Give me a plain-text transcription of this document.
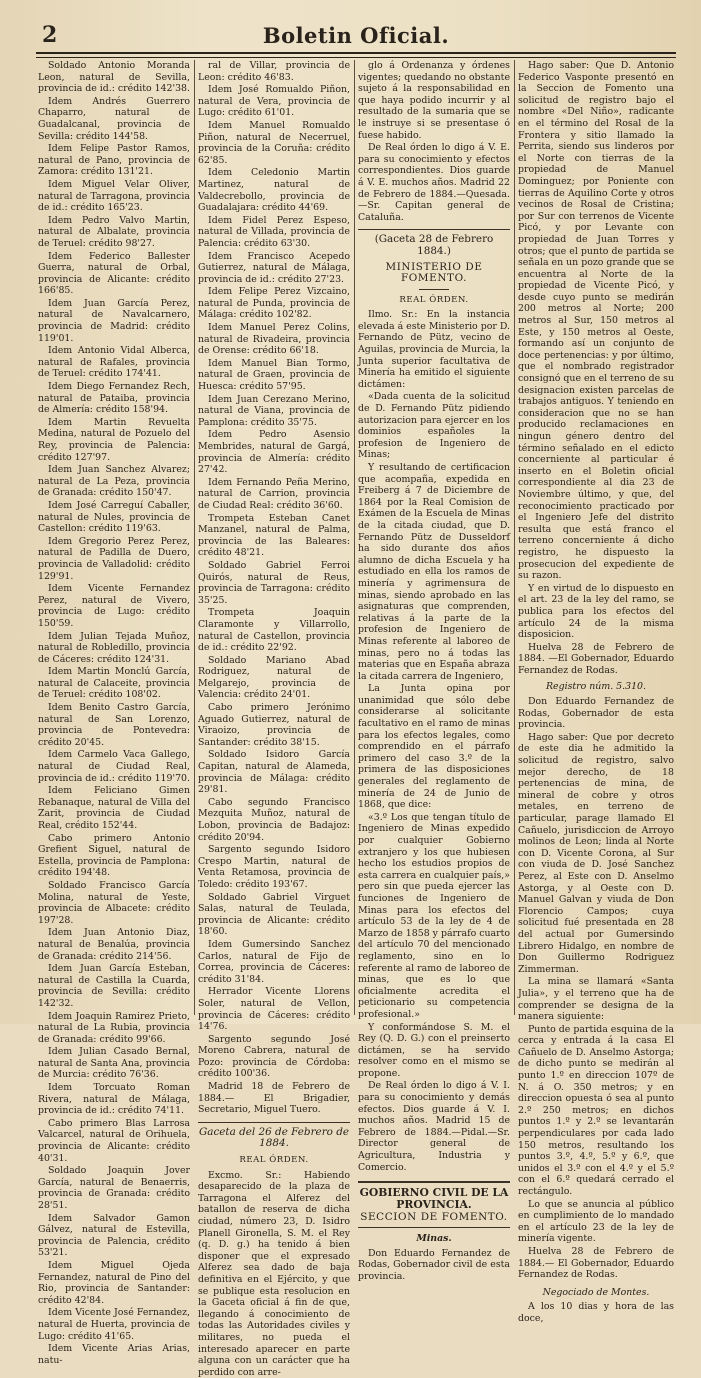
2	Boletin Oficial.

Soldado Antonio Moranda Leon, natural de Sevilla, provincia de id.: crédito 142'38.

Idem Andrés Guerrero Chaparro, natural de Guadalcanal, provincia de Sevilla: crédito 144'58.

Idem Felipe Pastor Ramos, natural de Pano, provincia de Zamora: crédito 131'21.

Idem Miguel Velar Oliver, natural de Tarragona, provincia de id.: crédito 165'23.

Idem Pedro Valvo Martin, natural de Albalate, provincia de Teruel: crédito 98'27.

Idem Federico Ballester Guerra, natural de Orbal, provincia de Alicante: crédito 166'85.

Idem Juan García Perez, natural de Navalcarnero, provincia de Madrid: crédito 119'01.

Idem Antonio Vidal Alberca, natural de Rafales, provincia de Teruel: crédito 174'41.

Idem Diego Fernandez Rech, natural de Pataiba, provincia de Almería: crédito 158'94.

Idem Martin Revuelta Medina, natural de Pozuelo del Rey, provincia de Palencia: crédito 127'97.

Idem Juan Sanchez Alvarez; natural de La Peza, provincia de Granada: crédito 150'47.

Idem José Carreguí Caballer, natural de Nules, provincia de Castellon: crédito 119'63.

Idem Gregorio Perez Perez, natural de Padilla de Duero, provincia de Valladolid: crédito 129'91.

Idem Vicente Fernandez Perez, natural de Vivero, provincia de Lugo: crédito 150'59.

Idem Julian Tejada Muñoz, natural de Robledillo, provincia de Cáceres: crédito 124'31.

Idem Martin Monclú García, natural de Calaceite, provincia de Teruel: crédito 108'02.

Idem Benito Castro García, natural de San Lorenzo, provincia de Pontevedra: crédito 20'45.

Idem Carmelo Vaca Gallego, natural de Ciudad Real, provincia de id.: crédito 119'70.

Idem Feliciano Gimen Rebanaque, natural de Villa del Zarit, provincia de Ciudad Real, crédito 152'44.

Cabo primero Antonio Grefient Siguel, natural de Estella, provincia de Pamplona: crédito 194'48.

Soldado Francisco García Molina, natural de Yeste, provincia de Albacete: crédito 197'28.

Idem Juan Antonio Diaz, natural de Benalúa, provincia de Granada: crédito 214'56.

Idem Juan García Esteban, natural de Castilla la Cuarda, provincia de Sevilla: crédito 142'32.

Idem Joaquin Ramirez Prieto, natural de La Rubia, provincia de Granada: crédito 99'66.

Idem Julian Casado Bernal, natural de Santa Ana, provincia de Murcia: crédito 76'36.

Idem Torcuato Roman Rivera, natural de Málaga, provincia de id.: crédito 74'11.

Cabo primero Blas Larrosa Valcarcel, natural de Orihuela, provincia de Alicante: crédito 40'31.

Soldado Joaquin Jover García, natural de Benaerris, provincia de Granada: crédito 28'51.

Idem Salvador Gamon Gálvez, natural de Estevilla, provincia de Palencia, crédito 53'21.

Idem Miguel Ojeda Fernandez, natural de Pino del Rio, provincia de Santander: crédito 42'84.

Idem Vicente José Fernandez, natural de Huerta, provincia de Lugo: crédito 41'65.

Idem Vicente Arias Arias, natu-

ral de Villar, provincia de Leon: crédito 46'83.

Idem José Romualdo Piñon, natural de Vera, provincia de Lugo: crédito 61'01.

Idem Manuel Romualdo Piñon, natural de Necerruel, provincia de la Coruña: crédito 62'85.

Idem Celedonio Martin Martinez, natural de Valdecrebollo, provincia de Guadalajara: crédito 44'69.

Idem Fidel Perez Espeso, natural de Villada, provincia de Palencia: crédito 63'30.

Idem Francisco Acepedo Gutierrez, natural de Málaga, provincia de id.: crédito 27'23.

Idem Felipe Perez Vizcaino, natural de Punda, provincia de Málaga: crédito 102'82.

Idem Manuel Perez Colins, natural de Rivadeira, provincia de Orense: crédito 66'18.

Idem Manuel Bian Tormo, natural de Graen, provincia de Huesca: crédito 57'95.

Idem Juan Cerezano Merino, natural de Viana, provincia de Pamplona: crédito 35'75.

Idem Pedro Asensio Membrides, natural de Gargá, provincia de Almería: crédito 27'42.

Idem Fernando Peña Merino, natural de Carrion, provincia de Ciudad Real: crédito 36'60.

Trompeta Esteban Canet Manzanel, natural de Palma, provincia de las Baleares: crédito 48'21.

Soldado Gabriel Ferroi Quirós, natural de Reus, provincia de Tarragona: crédito 35'25.

Trompeta Joaquin Claramonte y Villarrollo, natural de Castellon, provincia de id.: crédito 22'92.

Soldado Mariano Abad Rodriguez, natural de Melgarejo, provincia de Valencia: crédito 24'01.

Cabo primero Jerónimo Aguado Gutierrez, natural de Viraoizo, provincia de Santander: crédito 38'15.

Soldado Isidoro García Capitan, natural de Alameda, provincia de Málaga: crédito 29'81.

Cabo segundo Francisco Mezquita Muñoz, natural de Lobon, provincia de Badajoz: crédito 20'94.

Sargento segundo Isidoro Crespo Martin, natural de Venta Retamosa, provincia de Toledo: crédito 193'67.

Soldado Gabriel Virguet Salas, natural de Teulada, provincia de Alicante: crédito 18'60.

Idem Gumersindo Sanchez Carlos, natural de Fijo de Correa, provincia de Cáceres: crédito 31'84.

Herrador Vicente Llorens Soler, natural de Vellon, provincia de Cáceres: crédito 14'76.

Sargento segundo José Moreno Cabrera, natural de Pozo: provincia de Córdoba: crédito 100'36.

Madrid 18 de Febrero de 1884.— El Brigadier, Secretario, Miguel Tuero.

Gaceta del 26 de Febrero de 1884.
REAL ÓRDEN.

Excmo. Sr.: Habiendo desaparecido de la plaza de Tarragona el Alferez del batallon de reserva de dicha ciudad, número 23, D. Isidro Planell Gironella, S. M. el Rey (q. D. g.) ha tenido á bien disponer que el expresado Alferez sea dado de baja definitiva en el Ejército, y que se publique esta resolucion en la Gaceta oficial á fin de que, llegando á conocimiento de todas las Autoridades civiles y militares, no pueda el interesado aparecer en parte alguna con un carácter que ha perdido con arre-

glo á Ordenanza y órdenes vigentes; quedando no obstante sujeto á la responsabilidad en que haya podido incurrir y al resultado de la sumaria que se le instruye si se presentase ó fuese habido.

De Real órden lo digo á V. E. para su conocimiento y efectos correspondientes. Dios guarde á V. E. muchos años. Madrid 22 de Febrero de 1884.—Quesada.—Sr. Capitan general de Cataluña.

(Gaceta 28 de Febrero 1884.)
MINISTERIO DE FOMENTO.
REAL ÓRDEN.

Ilmo. Sr.: En la instancia elevada á este Ministerio por D. Fernando de Pütz, vecino de Aguilas, provincia de Murcia, la Junta superior facultativa de Minería ha emitido el siguiente dictámen:

«Dada cuenta de la solicitud de D. Fernando Pütz pidiendo autorizacion para ejercer en los dominios españoles la profesion de Ingeniero de Minas;

Y resultando de certificacion que acompaña, expedida en Freiberg á 7 de Diciembre de 1864 por la Real Comision de Exámen de la Escuela de Minas de la citada ciudad, que D. Fernando Pütz de Dusseldorf ha sido durante dos años alumno de dicha Escuela y ha estudiado en ella los ramos de minería y agrimensura de minas, siendo aprobado en las asignaturas que comprenden, relativas á la parte de la profesion de Ingeniero de Minas referente al laboreo de minas, pero no á todas las materias que en España abraza la citada carrera de Ingeniero,

La Junta opina por unanimidad que sólo debe considerarse al solicitante facultativo en el ramo de minas para los efectos legales, como comprendido en el párrafo primero del caso 3.º de la primera de las disposiciones generales del reglamento de minería de 24 de Junio de 1868, que dice:

«3.º Los que tengan título de Ingeniero de Minas expedido por cualquier Gobierno extranjero y los que hubiesen hecho los estudios propios de esta carrera en cualquier país,» pero sin que pueda ejercer las funciones de Ingeniero de Minas para los efectos del artículo 53 de la ley de 4 de Marzo de 1858 y párrafo cuarto del artículo 70 del mencionado reglamento, sino en lo referente al ramo de laboreo de minas, que es lo que oficialmente acredita el peticionario su competencia profesional.»

Y conformándose S. M. el Rey (Q. D. G.) con el preinserto dictámen, se ha servido resolver como en el mismo se propone.

De Real órden lo digo á V. I. para su conocimiento y demás efectos. Dios guarde á V. I. muchos años. Madrid 15 de Febrero de 1884.—Pidal.—Sr. Director general de Agricultura, Industria y Comercio.

GOBIERNO CIVIL DE LA PROVINCIA.
SECCION DE FOMENTO.
Minas.

Don Eduardo Fernandez de Rodas, Gobernador civil de esta provincia.

Hago saber: Que D. Antonio Federico Vasponte presentó en la Seccion de Fomento una solicitud de registro bajo el nombre «Del Niño», radicante en el término del Rosal de la Frontera y sitio llamado la Perrita, siendo sus linderos por el Norte con tierras de la propiedad de Manuel Dominguez; por Poniente con tierras de Aquilino Corte y otros vecinos de Rosal de Cristina; por Sur con terrenos de Vicente Picó, y por Levante con propiedad de Juan Torres y otros; que el punto de partida se señala en un pozo grande que se encuentra al Norte de la propiedad de Vicente Picó, y desde cuyo punto se medirán 200 metros al Norte; 200 metros al Sur, 150 metros al Este, y 150 metros al Oeste, formando así un conjunto de doce pertenencias: y por último, que el nombrado registrador consignó que en el terreno de su designacion existen parcelas de trabajos antiguos. Y teniendo en consideracion que no se han producido reclamaciones en ningun género dentro del término señalado en el edicto concerniente al particular é inserto en el Boletin oficial correspondiente al dia 23 de Noviembre último, y que, del reconocimiento practicado por el Ingeniero Jefe del distrito resulta que está franco el terreno concerniente á dicho registro, he dispuesto la prosecucion del expediente de su razon.

Y en virtud de lo dispuesto en el art. 23 de la ley del ramo, se publica para los efectos del artículo 24 de la misma disposicion.

Huelva 28 de Febrero de 1884. —El Gobernador, Eduardo Fernandez de Rodas.

Registro núm. 5.310.

Don Eduardo Fernandez de Rodas, Gobernador de esta provincia.

Hago saber: Que por decreto de este dia he admitido la solicitud de registro, salvo mejor derecho, de 18 pertenencias de mina, de mineral de cobre y otros metales, en terreno de particular, parage llamado El Cañuelo, jurisdiccion de Arroyo molinos de Leon; linda al Norte con D. Vicente Corona, al Sur con viuda de D. José Sanchez Perez, al Este con D. Anselmo Astorga, y al Oeste con D. Manuel Galvan y viuda de Don Florencio Campos; cuya solicitud fué presentada en 28 del actual por Gumersindo Librero Hidalgo, en nombre de Don Guillermo Rodriguez Zimmerman.

La mina se llamará «Santa Julia», y el terreno que ha de comprender se designa de la manera siguiente:

Punto de partida esquina de la cerca y entrada á la casa El Cañuelo de D. Anselmo Astorga; de dicho punto se medirán al punto 1.º en direccion 107º de N. á O. 350 metros; y en direccion opuesta ó sea al punto 2.º 250 metros; en dichos puntos 1.º y 2.º se levantarán perpendiculares por cada lado 150 metros, resultando los puntos 3.º, 4.º, 5.º y 6.º, que unidos el 3.º con el 4.º y el 5.º con el 6.º quedará cerrado el rectángulo.

Lo que se anuncia al público en cumplimiento de lo mandado en el artículo 23 de la ley de minería vigente.

Huelva 28 de Febrero de 1884.— El Gobernador, Eduardo Fernandez de Rodas.

Negociado de Montes.

A los 10 dias y hora de las doce,
